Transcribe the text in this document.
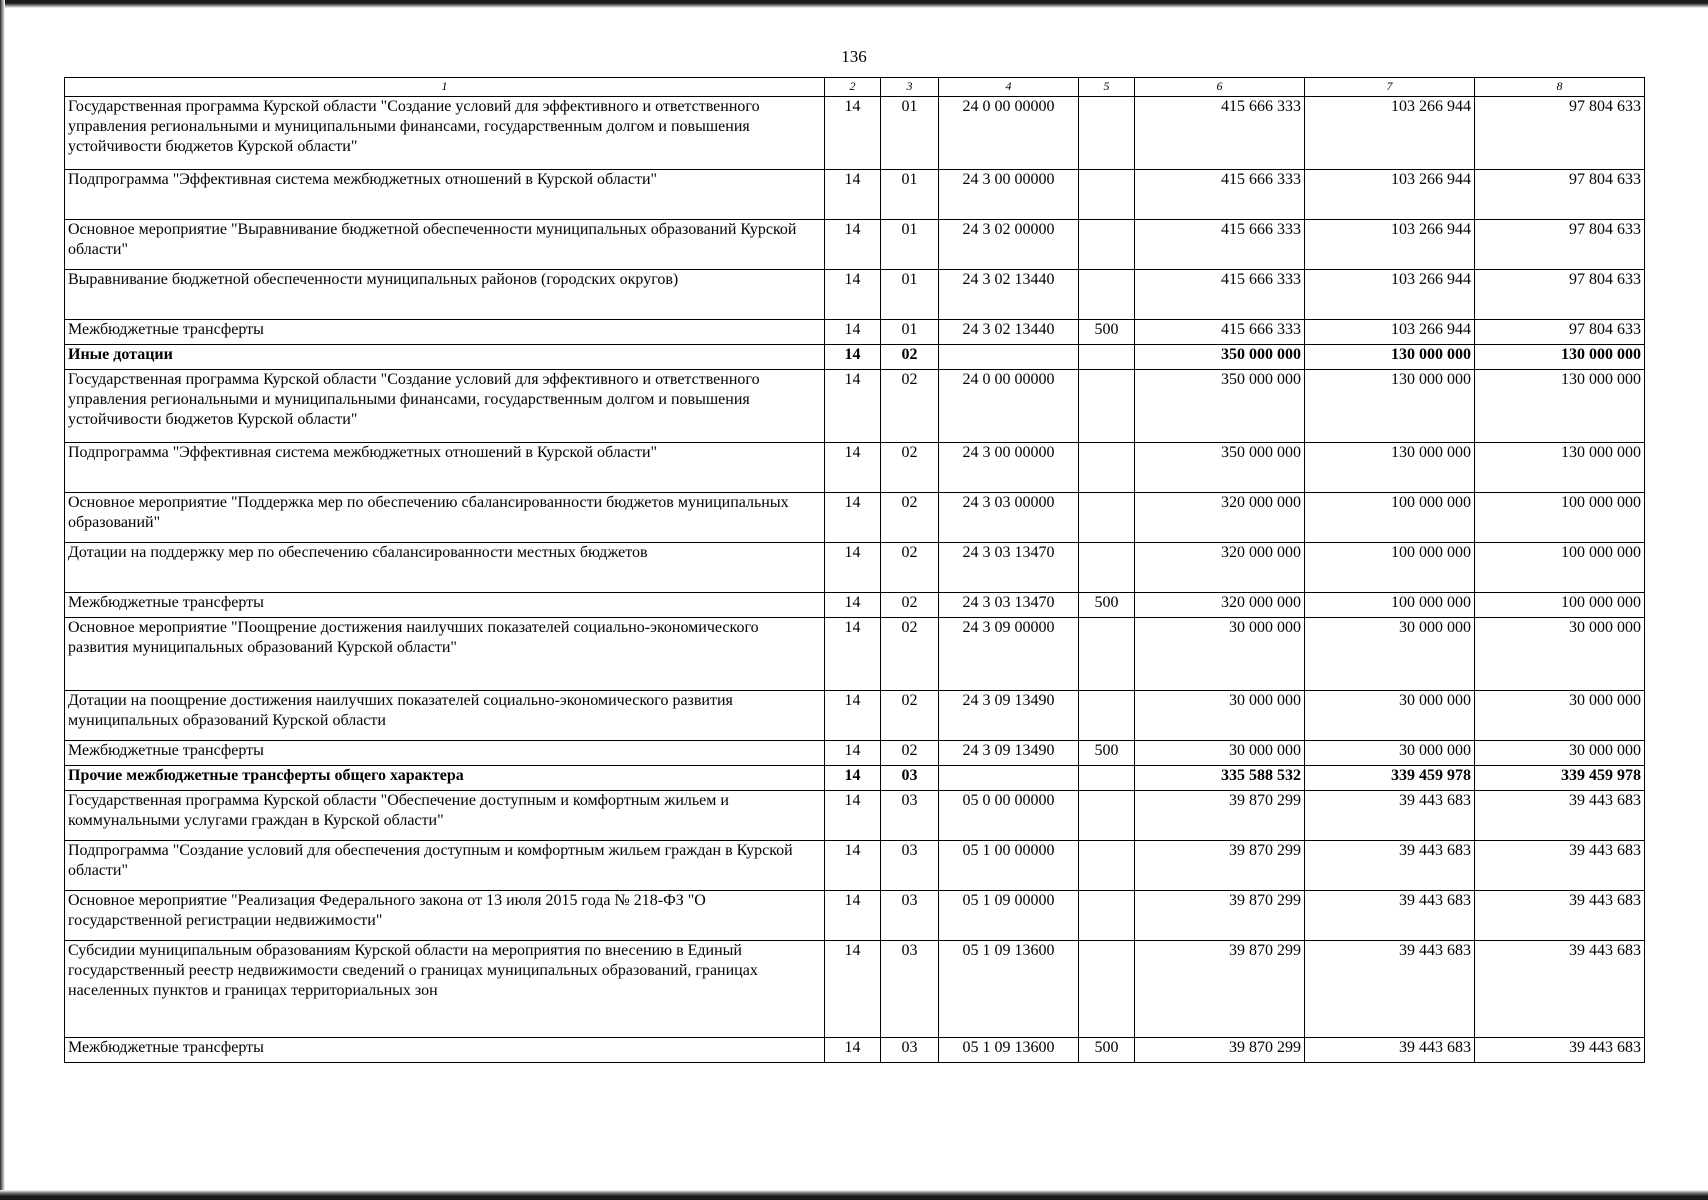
136
1	2	3	4	5	6	7	8
Государственная программа Курской области "Создание условий для эффективного и ответственного управления региональными и муниципальными финансами, государственным долгом и повышения устойчивости бюджетов Курской области"	14	01	24 0 00 00000		415 666 333	103 266 944	97 804 633
Подпрограмма "Эффективная система межбюджетных отношений в Курской области"	14	01	24 3 00 00000		415 666 333	103 266 944	97 804 633
Основное мероприятие "Выравнивание бюджетной обеспеченности муниципальных образований Курской области"	14	01	24 3 02 00000		415 666 333	103 266 944	97 804 633
Выравнивание бюджетной обеспеченности муниципальных районов (городских округов)	14	01	24 3 02 13440		415 666 333	103 266 944	97 804 633
Межбюджетные трансферты	14	01	24 3 02 13440	500	415 666 333	103 266 944	97 804 633
Иные дотации	14	02			350 000 000	130 000 000	130 000 000
Государственная программа Курской области "Создание условий для эффективного и ответственного управления региональными и муниципальными финансами, государственным долгом и повышения устойчивости бюджетов Курской области"	14	02	24 0 00 00000		350 000 000	130 000 000	130 000 000
Подпрограмма "Эффективная система межбюджетных отношений в Курской области"	14	02	24 3 00 00000		350 000 000	130 000 000	130 000 000
Основное мероприятие "Поддержка мер по обеспечению сбалансированности бюджетов муниципальных образований"	14	02	24 3 03 00000		320 000 000	100 000 000	100 000 000
Дотации на поддержку мер по обеспечению сбалансированности местных бюджетов	14	02	24 3 03 13470		320 000 000	100 000 000	100 000 000
Межбюджетные трансферты	14	02	24 3 03 13470	500	320 000 000	100 000 000	100 000 000
Основное мероприятие "Поощрение достижения наилучших показателей социально-экономического развития муниципальных образований Курской области"	14	02	24 3 09 00000		30 000 000	30 000 000	30 000 000
Дотации на поощрение достижения наилучших показателей социально-экономического развития муниципальных образований Курской области	14	02	24 3 09 13490		30 000 000	30 000 000	30 000 000
Межбюджетные трансферты	14	02	24 3 09 13490	500	30 000 000	30 000 000	30 000 000
Прочие межбюджетные трансферты общего характера	14	03			335 588 532	339 459 978	339 459 978
Государственная программа Курской области "Обеспечение доступным и комфортным жильем и коммунальными услугами граждан в Курской области"	14	03	05 0 00 00000		39 870 299	39 443 683	39 443 683
Подпрограмма "Создание условий для обеспечения доступным и комфортным жильем граждан в Курской области"	14	03	05 1 00 00000		39 870 299	39 443 683	39 443 683
Основное мероприятие "Реализация Федерального закона от 13 июля 2015 года № 218-ФЗ "О государственной регистрации недвижимости"	14	03	05 1 09 00000		39 870 299	39 443 683	39 443 683
Субсидии муниципальным образованиям Курской области на мероприятия по внесению в Единый государственный реестр недвижимости сведений о границах муниципальных образований, границах населенных пунктов и границах территориальных зон	14	03	05 1 09 13600		39 870 299	39 443 683	39 443 683
Межбюджетные трансферты	14	03	05 1 09 13600	500	39 870 299	39 443 683	39 443 683
